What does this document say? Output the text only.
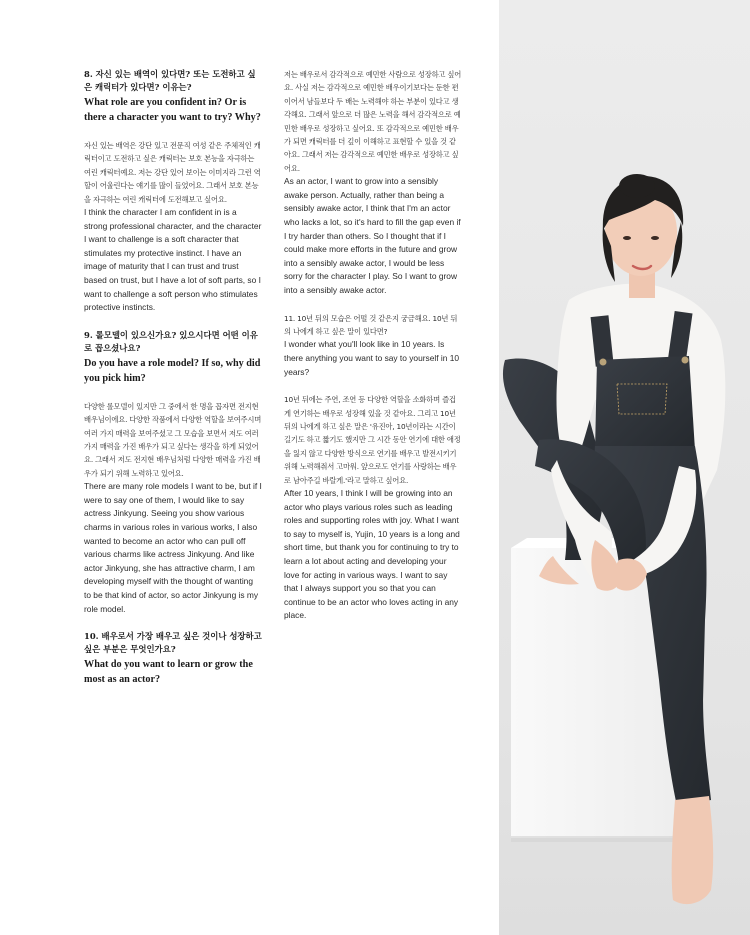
8. 자신 있는 배역이 있다면? 또는 도전하고 싶은 캐릭터가 있다면? 이유는?

What role are you confident in? Or is there a character you want to try? Why?

자신 있는 배역은 강단 있고 전문직 여성 같은 주체적인 캐릭터이고 도전하고 싶은 캐릭터는 보호 본능을 자극하는 여린 캐릭터예요. 저는 강단 있어 보이는 이미지라 그런 역할이 어울린다는 얘기를 많이 들었어요. 그래서 보호 본능을 자극하는 여린 캐릭터에 도전해보고 싶어요.

I think the character I am confident in is a strong professional character, and the character I want to challenge is a soft character that stimulates my protective instinct. I have an image of maturity that I can trust and trust based on trust, but I have a lot of soft parts, so I want to challenge a soft person who stimulates protective instincts.

9. 롤모델이 있으신가요? 있으시다면 어떤 이유로 꼽으셨나요?

Do you have a role model? If so, why did you pick him?

다양한 롤모델이 있지만 그 중에서 한 명을 꼽자면 전지현 배우님이에요. 다양한 작품에서 다양한 역할을 보여주시며 여러 가지 매력을 보여주셨고 그 모습을 보면서 저도 여러 가지 매력을 가진 배우가 되고 싶다는 생각을 하게 되었어요. 그래서 저도 전지현 배우님처럼 다양한 매력을 가진 배우가 되기 위해 노력하고 있어요.

There are many role models I want to be, but if I were to say one of them, I would like to say actress Jinkyung. Seeing you show various charms in various roles in various works, I also wanted to become an actor who can pull off various charms like actress Jinkyung. And like actor Jinkyung, she has attractive charm, I am developing myself with the thought of wanting to be that kind of actor, so actor Jinkyung is my role model.

10. 배우로서 가장 배우고 싶은 것이나 성장하고 싶은 부분은 무엇인가요?

What do you want to learn or grow the most as an actor?

저는 배우로서 감각적으로 예민한 사람으로 성장하고 싶어요. 사실 저는 감각적으로 예민한 배우이기보다는 둔한 편이어서 남들보다 두 배는 노력해야 하는 부분이 있다고 생각해요. 그래서 앞으로 더 많은 노력을 해서 감각적으로 예민한 배우로 성장하고 싶어요. 또 감각적으로 예민한 배우가 되면 캐릭터를 더 깊이 이해하고 표현할 수 있을 것 같아요. 그래서 저는 감각적으로 예민한 배우로 성장하고 싶어요.

As an actor, I want to grow into a sensibly awake person. Actually, rather than being a sensibly awake actor, I think that I'm an actor who lacks a lot, so it's hard to fill the gap even if I try harder than others. So I thought that if I could make more efforts in the future and grow into a sensibly awake actor, I would be less sorry for the character I play. So I want to grow into a sensibly awake actor.

11. 10년 뒤의 모습은 어떨 것 같은지 궁금해요. 10년 뒤의 나에게 하고 싶은 말이 있다면?

I wonder what you'll look like in 10 years. Is there anything you want to say to yourself in 10 years?

10년 뒤에는 주연, 조연 등 다양한 역할을 소화하며 즐겁게 연기하는 배우로 성장해 있을 것 같아요. 그리고 10년 뒤의 나에게 하고 싶은 말은 '유진아, 10년이라는 시간이 길기도 하고 짧기도 했지만 그 시간 동안 연기에 대한 애정을 잃지 않고 다양한 방식으로 연기를 배우고 발전시키기 위해 노력해줘서 고마워. 앞으로도 연기를 사랑하는 배우로 남아주길 바랄게.'라고 말하고 싶어요.

After 10 years, I think I will be growing into an actor who plays various roles such as leading roles and supporting roles with joy. What I want to say to myself is, Yujin, 10 years is a long and short time, but thank you for continuing to try to learn a lot about acting and developing your love for acting in various ways. I want to say that I always support you so that you can continue to be an actor who loves acting in any place.
